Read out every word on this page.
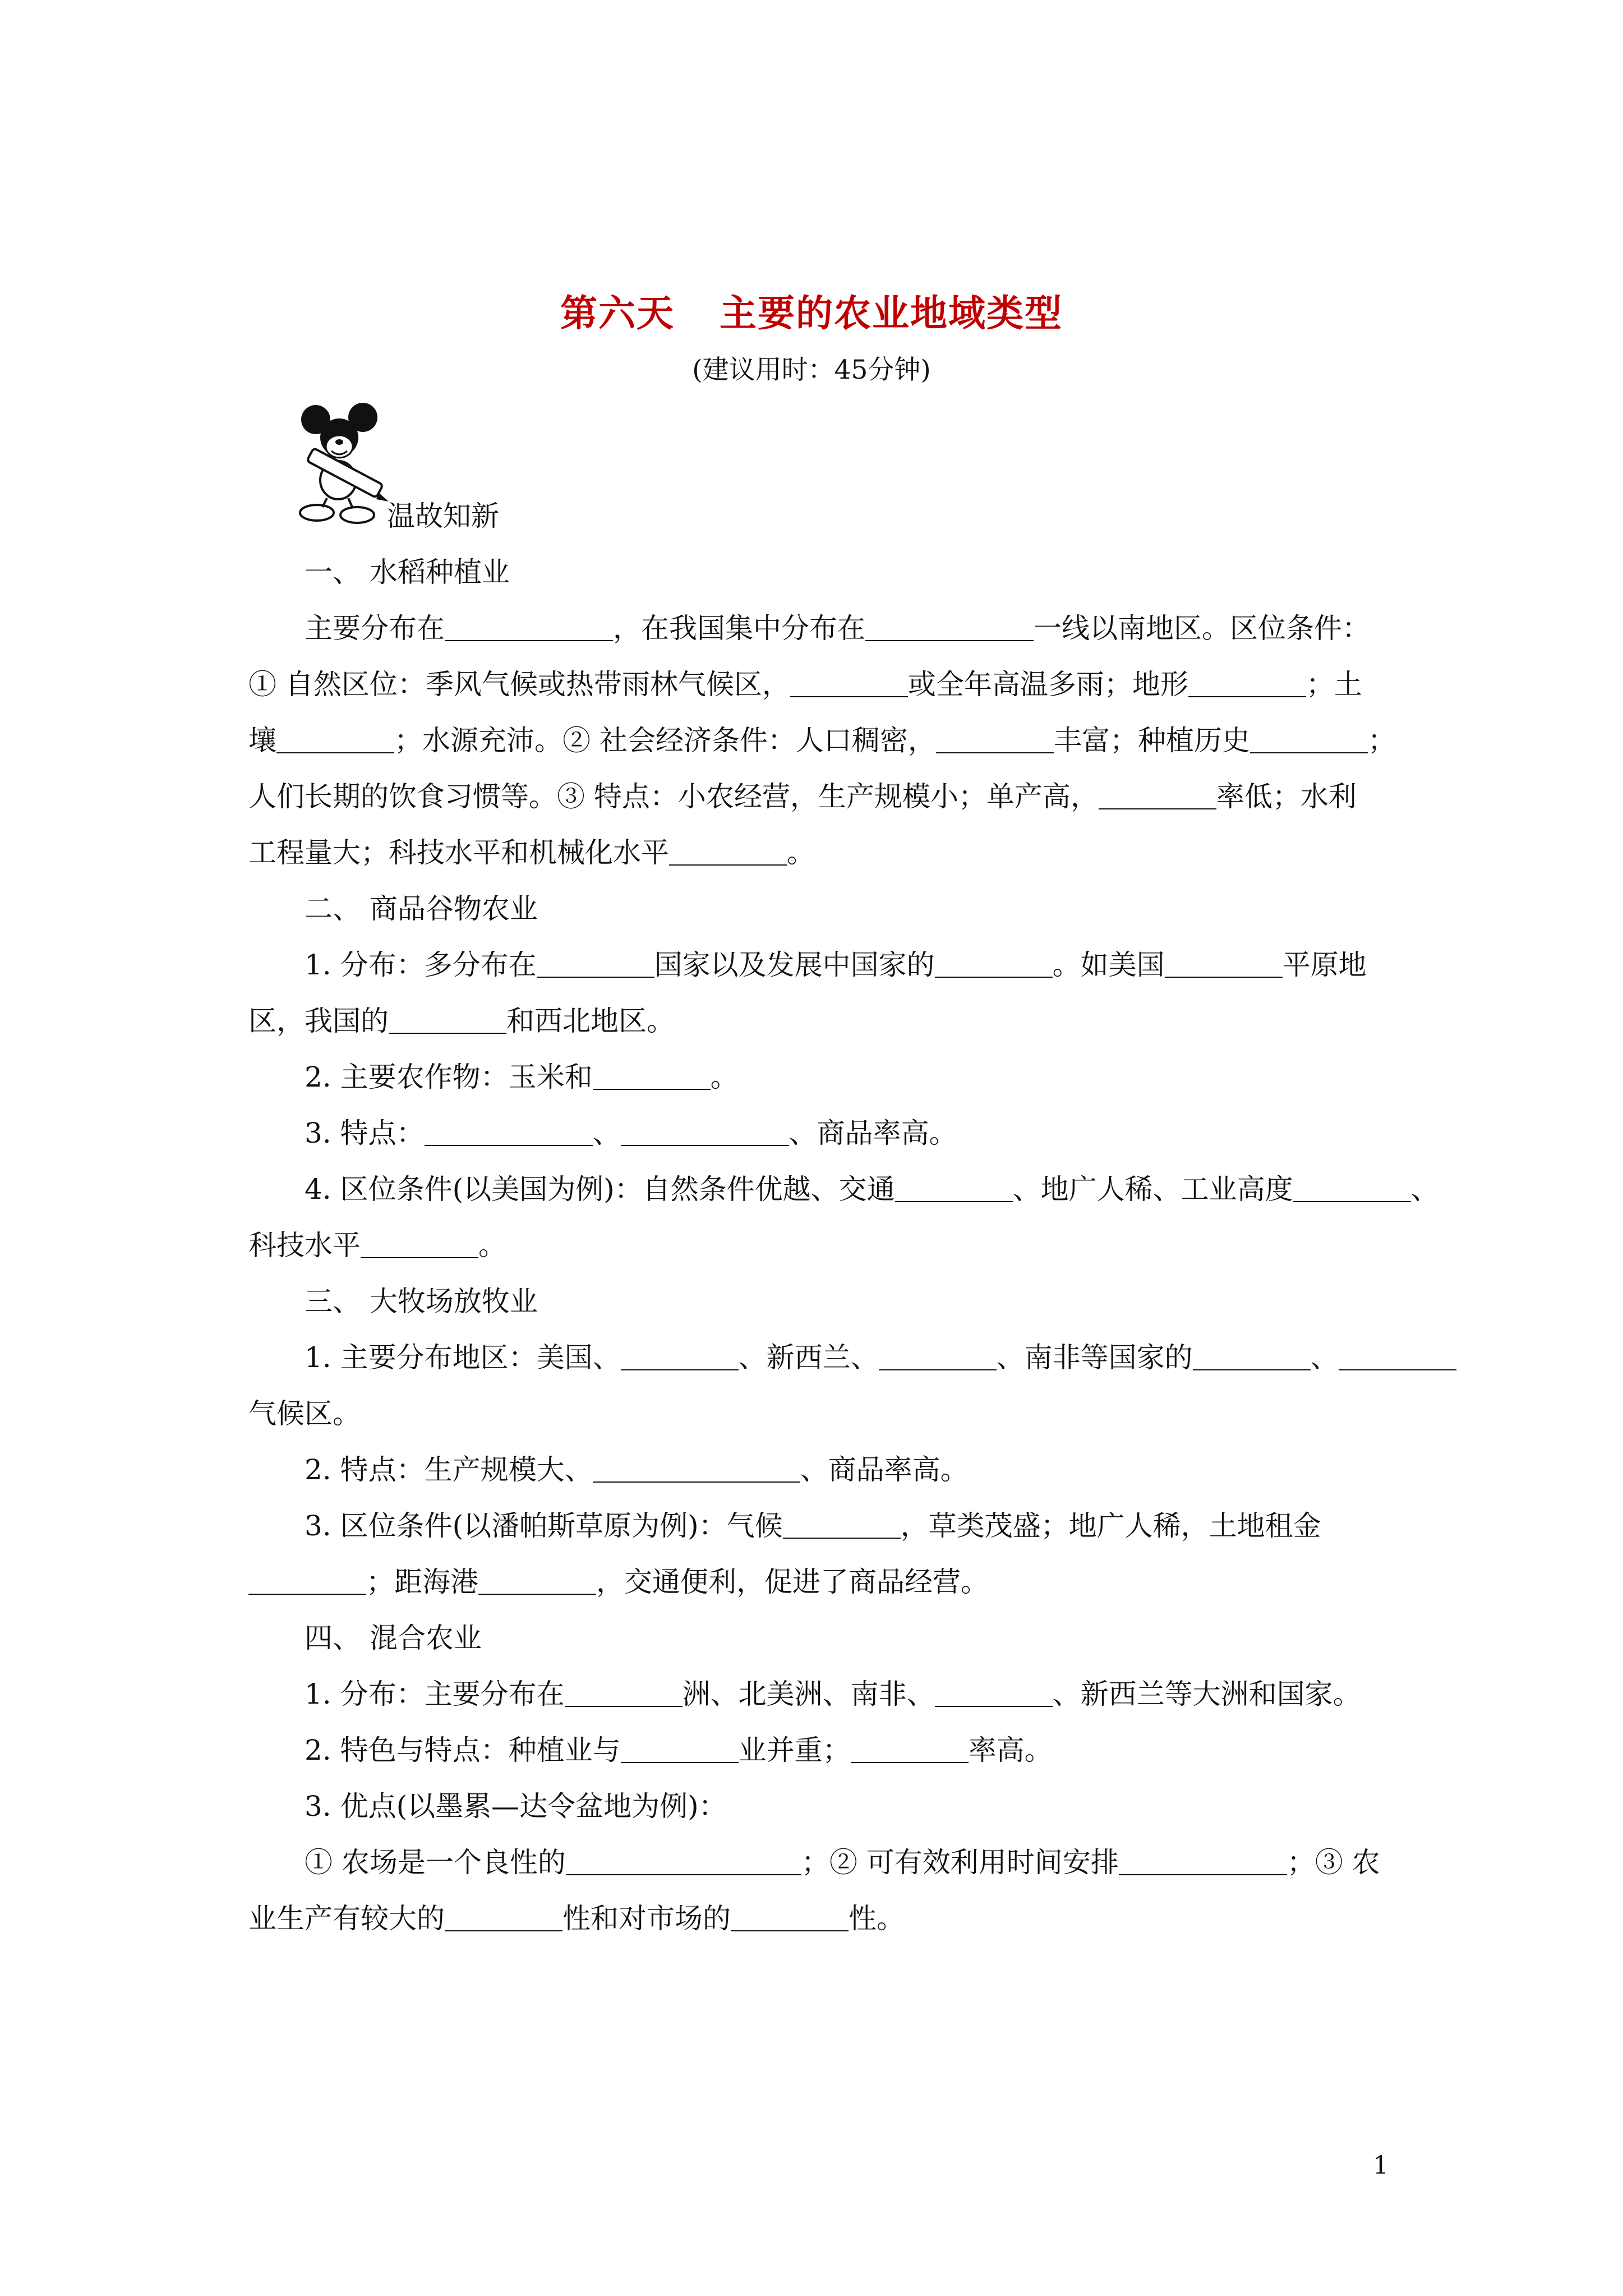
第六天 主要的农业地域类型
(建议用时：45分钟)
温故知新
一、 水稻种植业
主要分布在	，在我国集中分布在	一线以南地区。区位条件：
① 自然区位：季风气候或热带雨林气候区，	或全年高温多雨；地形	；土
壤	；水源充沛。② 社会经济条件：人口稠密，	丰富；种植历史	；
人们长期的饮食习惯等。③ 特点：小农经营，生产规模小；单产高，	率低；水利
工程量大；科技水平和机械化水平	。
二、 商品谷物农业
1. 分布：多分布在	国家以及发展中国家的	。如美国	平原地
区，我国的	和西北地区。
2. 主要农作物：玉米和	。
3. 特点：	、	、商品率高。
4. 区位条件(以美国为例)：自然条件优越、交通	、地广人稀、工业高度	、
科技水平	。
三、 大牧场放牧业
1. 主要分布地区：美国、	、新西兰、	、南非等国家的	、
气候区。
2. 特点：生产规模大、	、商品率高。
3. 区位条件(以潘帕斯草原为例)：气候	，草类茂盛；地广人稀，土地租金
；距海港	，交通便利，促进了商品经营。
四、 混合农业
1. 分布：主要分布在	洲、北美洲、南非、	、新西兰等大洲和国家。
2. 特色与特点：种植业与	业并重；	率高。
3. 优点(以墨累—达令盆地为例)：
① 农场是一个良性的	；② 可有效利用时间安排	；③ 农
业生产有较大的	性和对市场的	性。
1
